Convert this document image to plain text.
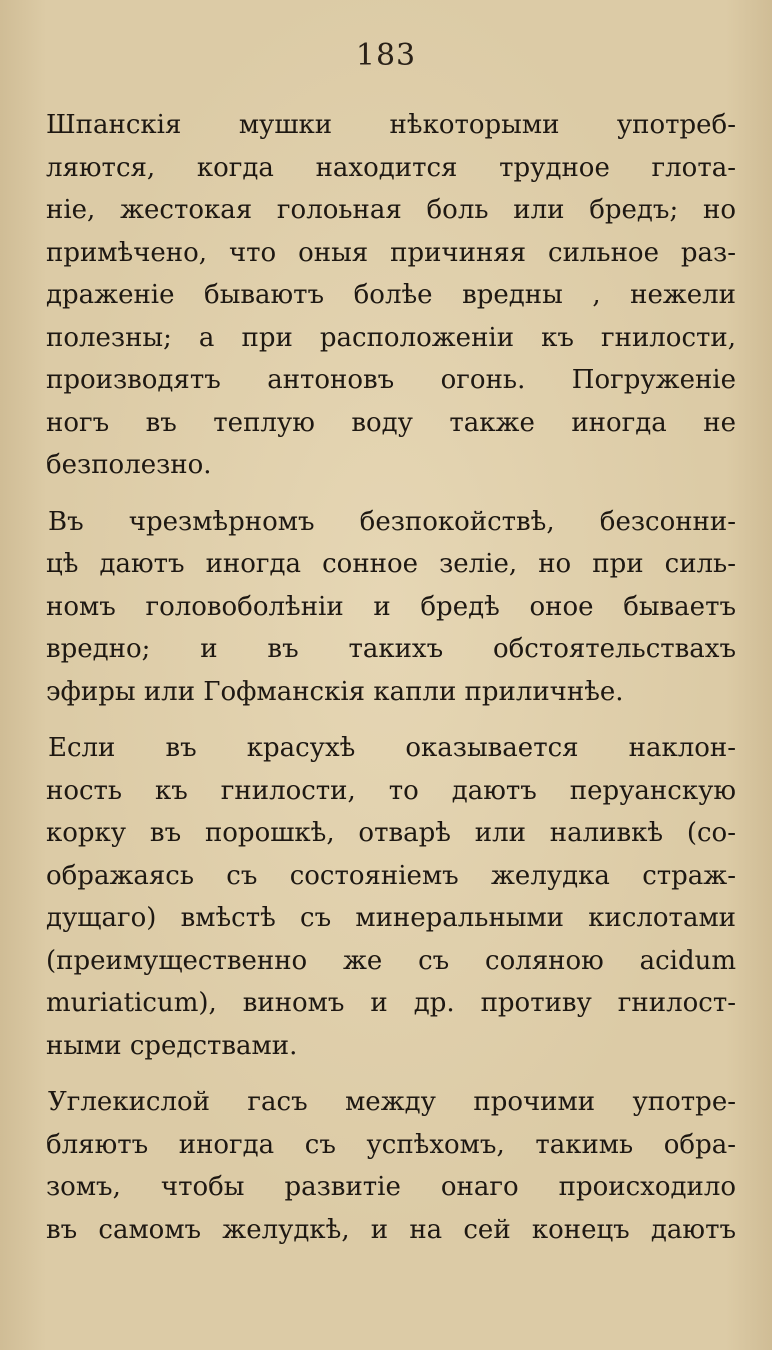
183
Шпанскія мушки нѣкоторыми употреб-
ляются, когда находится трудное глота-
ніе, жестокая голоьная боль или бредъ; но
примѣчено, что оныя причиняя сильное раз-
драженіе бываютъ болѣе вредны , нежели
полезны; а при расположеніи къ гнилости,
производятъ антоновъ огонь. Погруженіе
ногъ въ теплую воду также иногда не
безполезно.
Въ чрезмѣрномъ безпокойствѣ, безсонни-
цѣ даютъ иногда сонное зеліе, но при силь-
номъ головоболѣніи и бредѣ оное бываетъ
вредно; и въ такихъ обстоятельствахъ
эфиры или Гофманскія капли приличнѣе.
Если въ красухѣ оказывается наклон-
ность къ гнилости, то даютъ перуанскую
корку въ порошкѣ, отварѣ или наливкѣ (со-
ображаясь съ состояніемъ желудка страж-
дущаго) вмѣстѣ съ минеральными кислотами
(преимущественно же съ соляною acidum
muriaticum), виномъ и др. противу гнилост-
ными средствами.
Углекислой гасъ между прочими употре-
бляютъ иногда съ успѣхомъ, такимь обра-
зомъ, чтобы развитіе онаго происходило
въ самомъ желудкѣ, и на сей конецъ даютъ
